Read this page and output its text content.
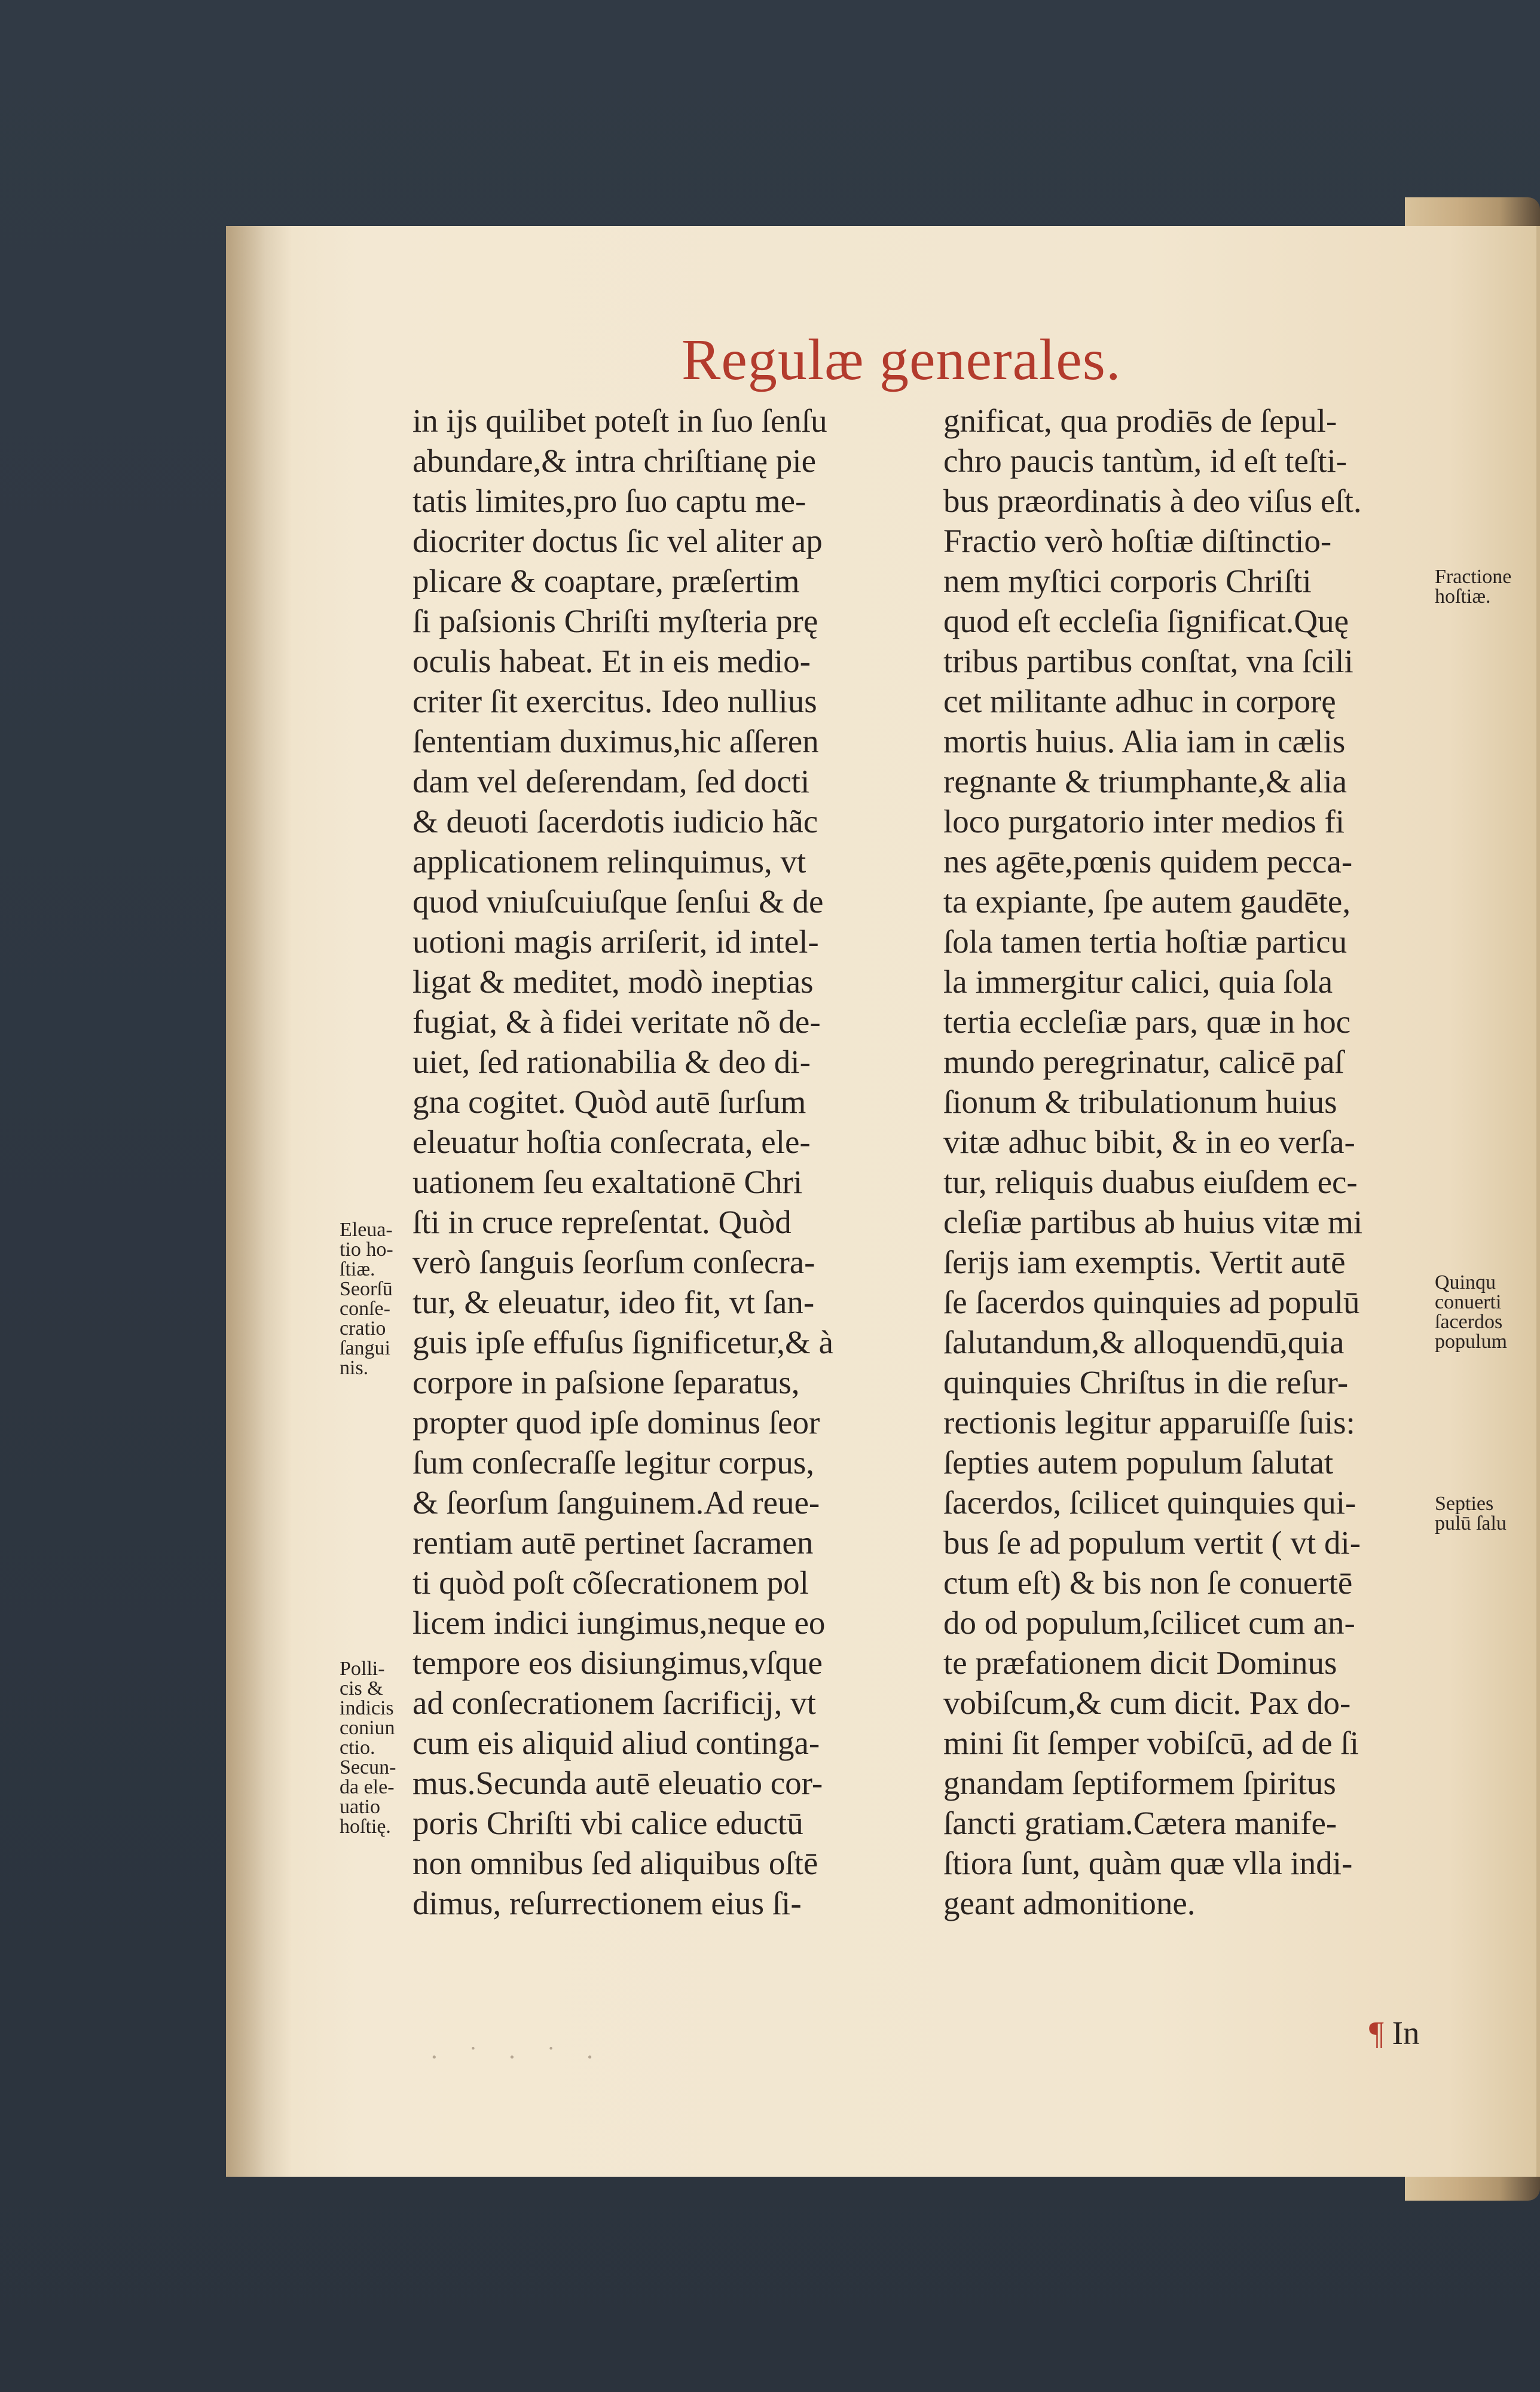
Regulæ generales.
in ijs quilibet poteſt in ſuo ſenſu
abundare,& intra chriſtianę pie
tatis limites,pro ſuo captu me-
diocriter doctus ſic vel aliter ap
plicare & coaptare, præſertim
ſi paſsionis Chriſti myſteria prę
oculis habeat. Et in eis medio-
criter ſit exercitus. Ideo nullius
ſententiam duximus,hic aſſeren
dam vel deſerendam, ſed docti
& deuoti ſacerdotis iudicio hãc
applicationem relinquimus, vt
quod vniuſcuiuſque ſenſui & de
uotioni magis arriſerit, id intel-
ligat & meditet, modò ineptias
fugiat, & à fidei veritate nõ de-
uiet, ſed rationabilia & deo di-
gna cogitet. Quòd autē ſurſum
eleuatur hoſtia conſecrata, ele-
uationem ſeu exaltationē Chri
ſti in cruce repreſentat. Quòd
verò ſanguis ſeorſum conſecra-
tur, & eleuatur, ideo fit, vt ſan-
guis ipſe effuſus ſignificetur,& à
corpore in paſsione ſeparatus,
propter quod ipſe dominus ſeor
ſum conſecraſſe legitur corpus,
& ſeorſum ſanguinem.Ad reue-
rentiam autē pertinet ſacramen
ti quòd poſt cõſecrationem pol
licem indici iungimus,neque eo
tempore eos disiungimus,vſque
ad conſecrationem ſacrificij, vt
cum eis aliquid aliud continga-
mus.Secunda autē eleuatio cor-
poris Chriſti vbi calice eductū
non omnibus ſed aliquibus oſtē
dimus, reſurrectionem eius ſi-
gnificat, qua prodiēs de ſepul-
chro paucis tantùm, id eſt teſti-
bus præordinatis à deo viſus eſt.
Fractio verò hoſtiæ diſtinctio-
nem myſtici corporis Chriſti
quod eſt eccleſia ſignificat.Quę
tribus partibus conſtat, vna ſcili
cet militante adhuc in corporę
mortis huius. Alia iam in cælis
regnante & triumphante,& alia
loco purgatorio inter medios fi
nes agēte,pœnis quidem pecca-
ta expiante, ſpe autem gaudēte,
ſola tamen tertia hoſtiæ particu
la immergitur calici, quia ſola
tertia eccleſiæ pars, quæ in hoc
mundo peregrinatur, calicē paſ
ſionum & tribulationum huius
vitæ adhuc bibit, & in eo verſa-
tur, reliquis duabus eiuſdem ec-
cleſiæ partibus ab huius vitæ mi
ſerijs iam exemptis. Vertit autē
ſe ſacerdos quinquies ad populū
ſalutandum,& alloquendū,quia
quinquies Chriſtus in die reſur-
rectionis legitur apparuiſſe ſuis:
ſepties autem populum ſalutat
ſacerdos, ſcilicet quinquies qui-
bus ſe ad populum vertit ( vt di-
ctum eſt) & bis non ſe conuertē
do od populum,ſcilicet cum an-
te præfationem dicit Dominus
vobiſcum,& cum dicit. Pax do-
mini ſit ſemper vobiſcū, ad de ſi
gnandam ſeptiformem ſpiritus
ſancti gratiam.Cætera manife-
ſtiora ſunt, quàm quæ vlla indi-
geant admonitione.
Eleua-
tio ho-
ſtiæ.
Seorſū
conſe-
cratio
ſangui
nis.
Polli-
cis &
indicis
coniun
ctio.
Secun-
da ele-
uatio
hoſtię.
Fractione
hoſtiæ.
Quinqu
conuerti
ſacerdos
populum
Septies
pulū ſalu
¶ In
· ˙ · ˙ ·
